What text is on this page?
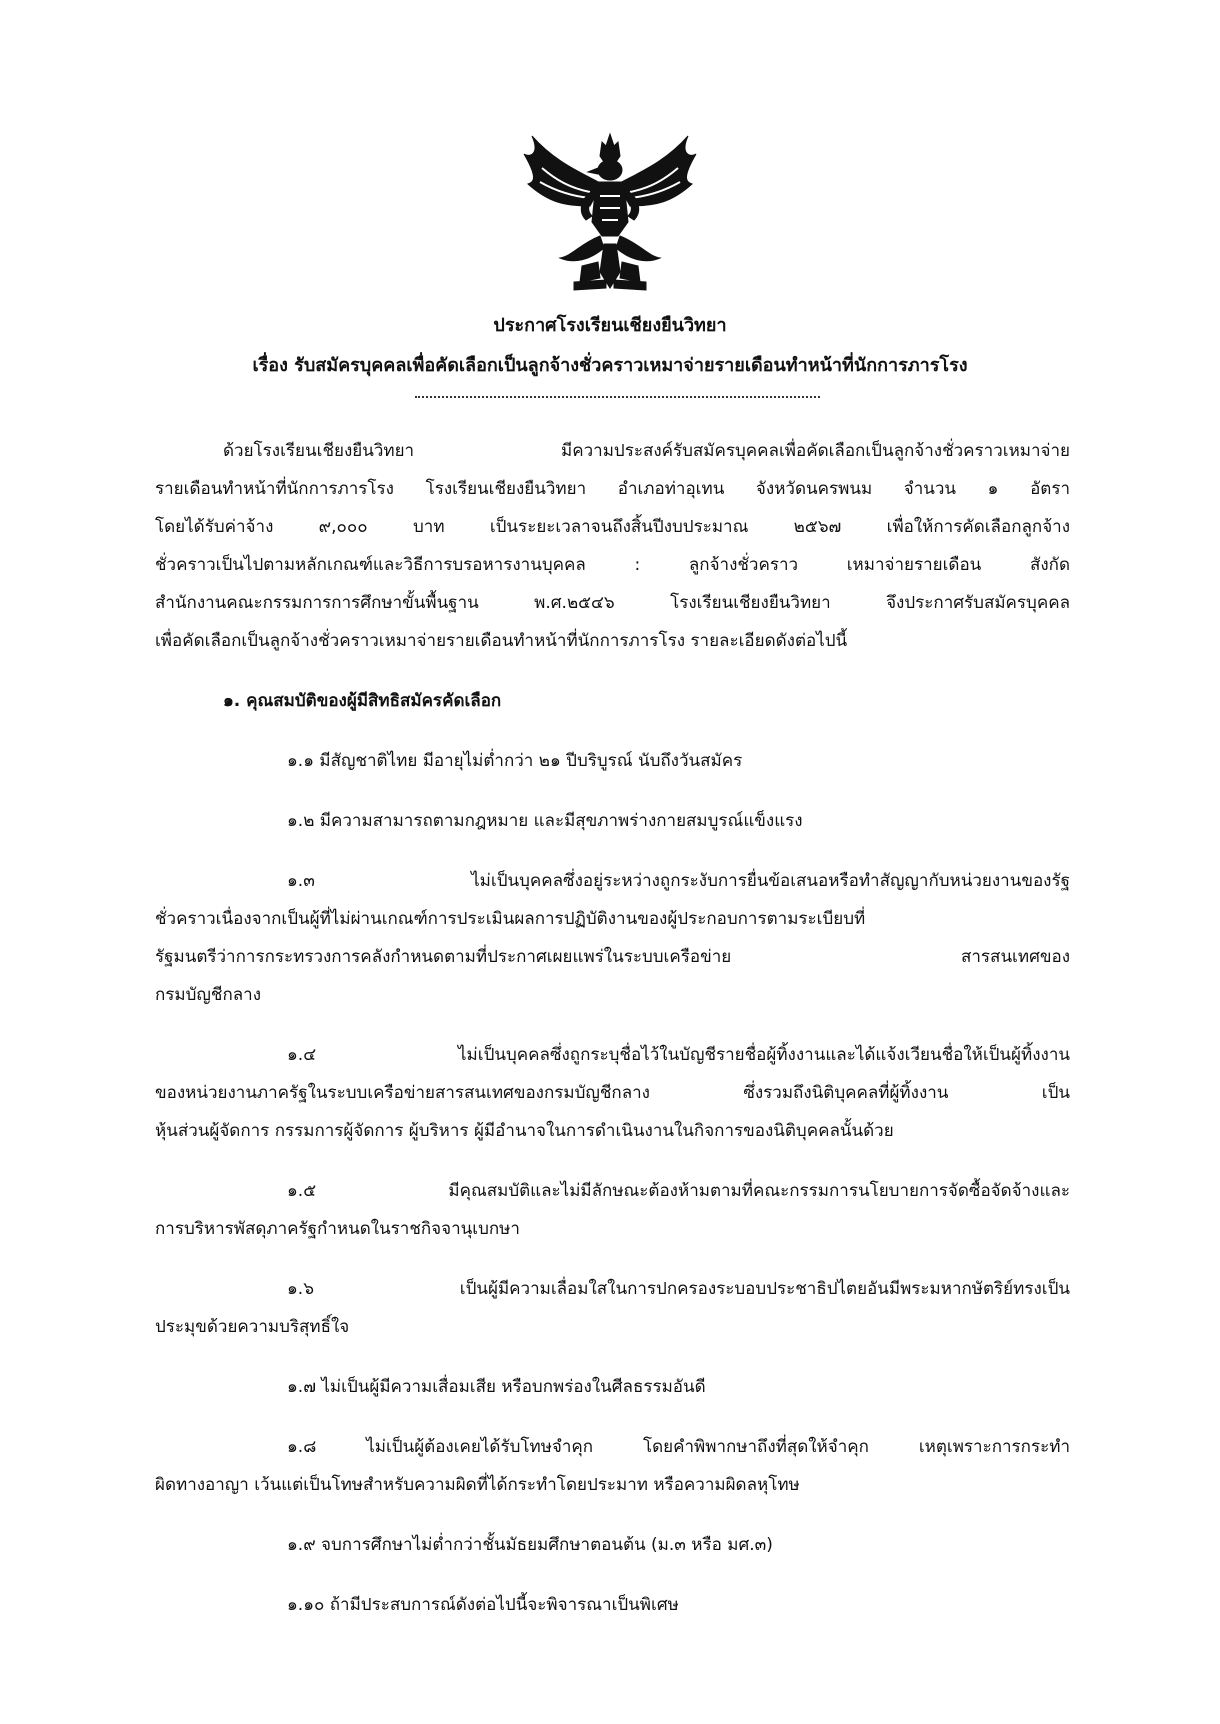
ประกาศโรงเรียนเชียงยืนวิทยา
เรื่อง รับสมัครบุคคลเพื่อคัดเลือกเป็นลูกจ้างชั่วคราวเหมาจ่ายรายเดือนทำหน้าที่นักการภารโรง
ด้วยโรงเรียนเชียงยืนวิทยา มีความประสงค์รับสมัครบุคคลเพื่อคัดเลือกเป็นลูกจ้างชั่วคราวเหมาจ่าย
รายเดือนทำหน้าที่นักการภารโรง โรงเรียนเชียงยืนวิทยา อำเภอท่าอุเทน จังหวัดนครพนม จำนวน ๑ อัตรา
โดยได้รับค่าจ้าง ๙,๐๐๐ บาท เป็นระยะเวลาจนถึงสิ้นปีงบประมาณ ๒๕๖๗ เพื่อให้การคัดเลือกลูกจ้าง
ชั่วคราวเป็นไปตามหลักเกณฑ์และวิธีการบรอหารงานบุคคล : ลูกจ้างชั่วคราว เหมาจ่ายรายเดือน สังกัด
สำนักงานคณะกรรมการการศึกษาขั้นพื้นฐาน พ.ศ.๒๕๔๖ โรงเรียนเชียงยืนวิทยา จึงประกาศรับสมัครบุคคล
เพื่อคัดเลือกเป็นลูกจ้างชั่วคราวเหมาจ่ายรายเดือนทำหน้าที่นักการภารโรง รายละเอียดดังต่อไปนี้
๑. คุณสมบัติของผู้มีสิทธิสมัครคัดเลือก
๑.๑ มีสัญชาติไทย มีอายุไม่ต่ำกว่า ๒๑ ปีบริบูรณ์ นับถึงวันสมัคร
๑.๒ มีความสามารถตามกฎหมาย และมีสุขภาพร่างกายสมบูรณ์แข็งแรง
๑.๓ ไม่เป็นบุคคลซึ่งอยู่ระหว่างถูกระงับการยื่นข้อเสนอหรือทำสัญญากับหน่วยงานของรัฐ
ชั่วคราวเนื่องจากเป็นผู้ที่ไม่ผ่านเกณฑ์การประเมินผลการปฏิบัติงานของผู้ประกอบการตามระเบียบที่
รัฐมนตรีว่าการกระทรวงการคลังกำหนดตามที่ประกาศเผยแพร่ในระบบเครือข่าย สารสนเทศของ
กรมบัญชีกลาง
๑.๔ ไม่เป็นบุคคลซึ่งถูกระบุชื่อไว้ในบัญชีรายชื่อผู้ทิ้งงานและได้แจ้งเวียนชื่อให้เป็นผู้ทิ้งงาน
ของหน่วยงานภาครัฐในระบบเครือข่ายสารสนเทศของกรมบัญชีกลาง ซึ่งรวมถึงนิติบุคคลที่ผู้ทิ้งงาน เป็น
หุ้นส่วนผู้จัดการ กรรมการผู้จัดการ ผู้บริหาร ผู้มีอำนาจในการดำเนินงานในกิจการของนิติบุคคลนั้นด้วย
๑.๕ มีคุณสมบัติและไม่มีลักษณะต้องห้ามตามที่คณะกรรมการนโยบายการจัดซื้อจัดจ้างและ
การบริหารพัสดุภาครัฐกำหนดในราชกิจจานุเบกษา
๑.๖ เป็นผู้มีความเลื่อมใสในการปกครองระบอบประชาธิปไตยอันมีพระมหากษัตริย์ทรงเป็น
ประมุขด้วยความบริสุทธิ์ใจ
๑.๗ ไม่เป็นผู้มีความเสื่อมเสีย หรือบกพร่องในศีลธรรมอันดี
๑.๘ ไม่เป็นผู้ต้องเคยได้รับโทษจำคุก โดยคำพิพากษาถึงที่สุดให้จำคุก เหตุเพราะการกระทำ
ผิดทางอาญา เว้นแต่เป็นโทษสำหรับความผิดที่ได้กระทำโดยประมาท หรือความผิดลหุโทษ
๑.๙ จบการศึกษาไม่ต่ำกว่าชั้นมัธยมศึกษาตอนต้น (ม.๓ หรือ มศ.๓)
๑.๑๐ ถ้ามีประสบการณ์ดังต่อไปนี้จะพิจารณาเป็นพิเศษ
